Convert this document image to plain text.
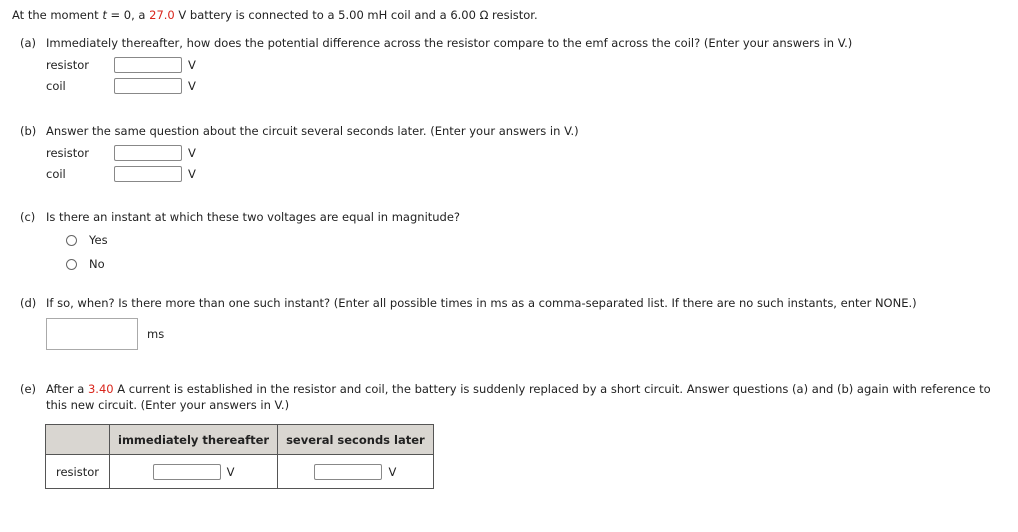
At the moment t = 0, a 27.0 V battery is connected to a 5.00 mH coil and a 6.00 Ω resistor.
(a) Immediately thereafter, how does the potential difference across the resistor compare to the emf across the coil? (Enter your answers in V.)
resistor	V
coil	V
(b) Answer the same question about the circuit several seconds later. (Enter your answers in V.)
resistor	V
coil	V
(c) Is there an instant at which these two voltages are equal in magnitude?
Yes
No
(d) If so, when? Is there more than one such instant? (Enter all possible times in ms as a comma-separated list. If there are no such instants, enter NONE.)
ms
(e) After a 3.40 A current is established in the resistor and coil, the battery is suddenly replaced by a short circuit. Answer questions (a) and (b) again with reference to this new circuit. (Enter your answers in V.)
	immediately thereafter	several seconds later
resistor	V	V
